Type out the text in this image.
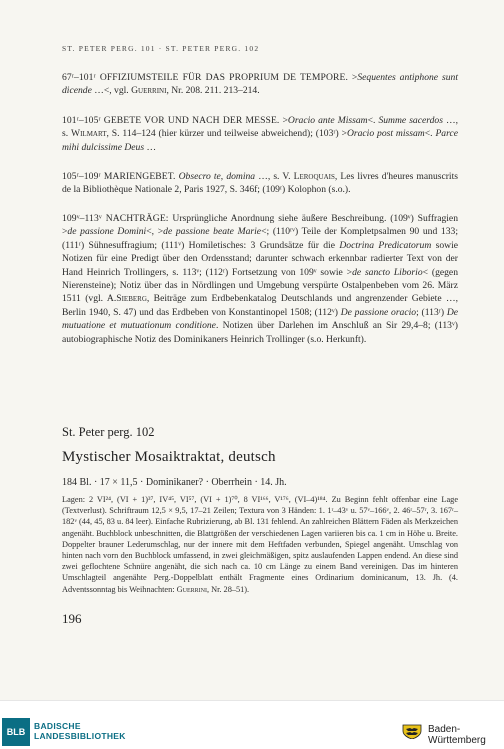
ST. PETER PERG. 101 · ST. PETER PERG. 102

67ʳ–101ʳ OFFIZIUMSTEILE FÜR DAS PROPRIUM DE TEMPORE. >Sequentes antiphone sunt dicende …<, vgl. Guerrini, Nr. 208. 211. 213–214.

101ʳ–105ʳ GEBETE VOR UND NACH DER MESSE. >Oracio ante Missam<. Summe sacerdos …, s. Wilmart, S. 114–124 (hier kürzer und teilweise abweichend); (103ʳ) >Oracio post missam<. Parce mihi dulcissime Deus …

105ʳ–109ʳ MARIENGEBET. Obsecro te, domina …, s. V. Leroquais, Les livres d'heures manuscrits de la Bibliothèque Nationale 2, Paris 1927, S. 346f; (109ʳ) Kolophon (s.o.).

109ᵛ–113ᵛ NACHTRÄGE: Ursprüngliche Anordnung siehe äußere Beschreibung. (109ᵛ) Suffragien >de passione Domini<, >de passione beate Marie<; (110ʳᵛ) Teile der Kompletpsalmen 90 und 133; (111ʳ) Sühnesuffragium; (111ᵛ) Homiletisches: 3 Grundsätze für die Doctrina Predicatorum sowie Notizen für eine Predigt über den Ordensstand; darunter schwach erkennbar radierter Text von der Hand Heinrich Trollingers, s. 113ᵛ; (112ʳ) Fortsetzung von 109ᵛ sowie >de sancto Liborio< (gegen Nierensteine); Notiz über das in Nördlingen und Umgebung verspürte Ostalpenbeben vom 26. März 1511 (vgl. A.Sieberg, Beiträge zum Erdbebenkatalog Deutschlands und angrenzender Gebiete …, Berlin 1940, S. 47) und das Erdbeben von Konstantinopel 1508; (112ᵛ) De passione oracio; (113ʳ) De mutuatione et mutuationum conditione. Notizen über Darlehen im Anschluß an Sir 29,4–8; (113ᵛ) autobiographische Notiz des Dominikaners Heinrich Trollinger (s.o. Herkunft).

St. Peter perg. 102
Mystischer Mosaiktraktat, deutsch
184 Bl. · 17 × 11,5 · Dominikaner? · Oberrhein · 14. Jh.
Lagen: 2 VI²⁴, (VI + 1)³⁷, IV⁴⁵, VI⁵⁷, (VI + 1)⁷⁰, 8 VI¹⁶⁶, V¹⁷⁶, (VI–4)¹⁸⁴. Zu Beginn fehlt offenbar eine Lage (Textverlust). Schriftraum 12,5 × 9,5, 17–21 Zeilen; Textura von 3 Händen: 1. 1ʳ–43ᵛ u. 57ᵛ–166ᵛ, 2. 46ʳ–57ʳ, 3. 167ʳ–182ᵛ (44, 45, 83 u. 84 leer). Einfache Rubrizierung, ab Bl. 131 fehlend. An zahlreichen Blättern Fäden als Merkzeichen angenäht. Buchblock unbeschnitten, die Blattgrößen der verschiedenen Lagen variieren bis ca. 1 cm in Höhe u. Breite. Doppelter brauner Lederumschlag, nur der innere mit dem Heftfaden verbunden, Spiegel angenäht. Umschlag von hinten nach vorn den Buchblock umfassend, in zwei gleichmäßigen, spitz auslaufenden Lappen endend. An diese sind zwei geflochtene Schnüre angenäht, die sich nach ca. 10 cm Länge zu einem Band vereinigen. Das im hinteren Umschlagteil angenähte Perg.-Doppelblatt enthält Fragmente eines Ordinarium dominicanum, 13. Jh. (4. Adventssonntag bis Weihnachten: Guerrini, Nr. 28–51).
196
BLB
BADISCHE
LANDESBIBLIOTHEK
Baden-Württemberg
